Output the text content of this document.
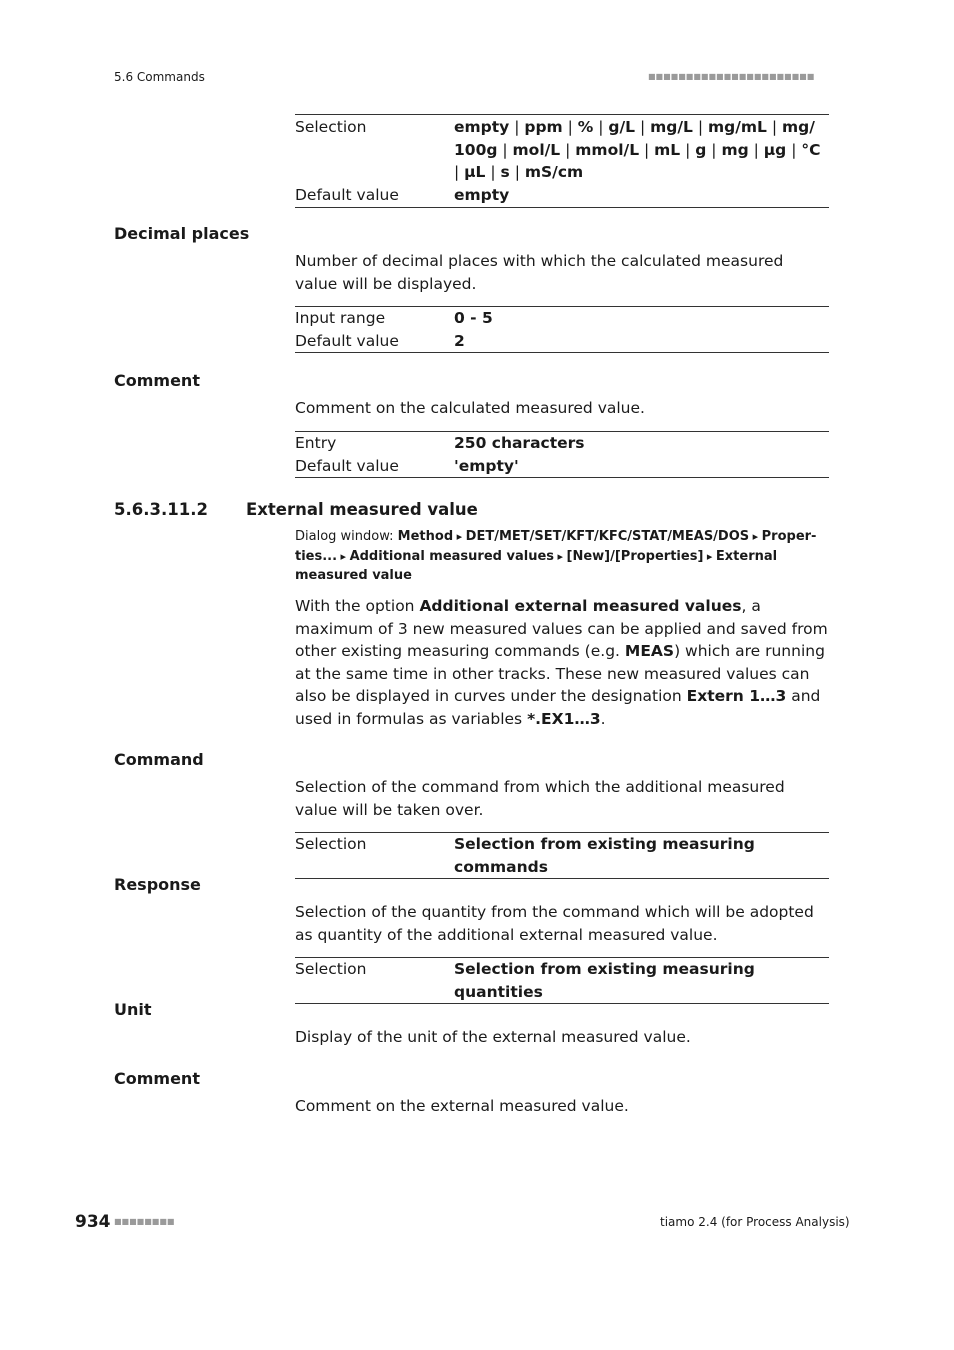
5.6 Commands	■■■■■■■■■■■■■■■■■■■■■■
Selection	empty | ppm | % | g/L | mg/L | mg/mL | mg/ 100g | mol/L | mmol/L | mL | g | mg | µg | °C | µL | s | mS/cm
Default value	empty
Decimal places
Number of decimal places with which the calculated measured value will be displayed.
Input range	0 - 5
Default value	2
Comment
Comment on the calculated measured value.
Entry	250 characters
Default value	'empty'
5.6.3.11.2 External measured value
Dialog window: Method ▸ DET/MET/SET/KFT/KFC/STAT/MEAS/DOS ▸ Proper- ties... ▸ Additional measured values ▸ [New]/[Properties] ▸ External measured value
With the option Additional external measured values, a maximum of 3 new measured values can be applied and saved from other existing measuring commands (e.g. MEAS) which are running at the same time in other tracks. These new measured values can also be displayed in curves under the designation Extern 1…3 and used in formulas as variables *.EX1…3.
Command
Selection of the command from which the additional measured value will be taken over.
Selection	Selection from existing measuring commands
Response
Selection of the quantity from the command which will be adopted as quantity of the additional external measured value.
Selection	Selection from existing measuring quantities
Unit
Display of the unit of the external measured value.
Comment
Comment on the external measured value.
934 ■■■■■■■■	tiamo 2.4 (for Process Analysis)
